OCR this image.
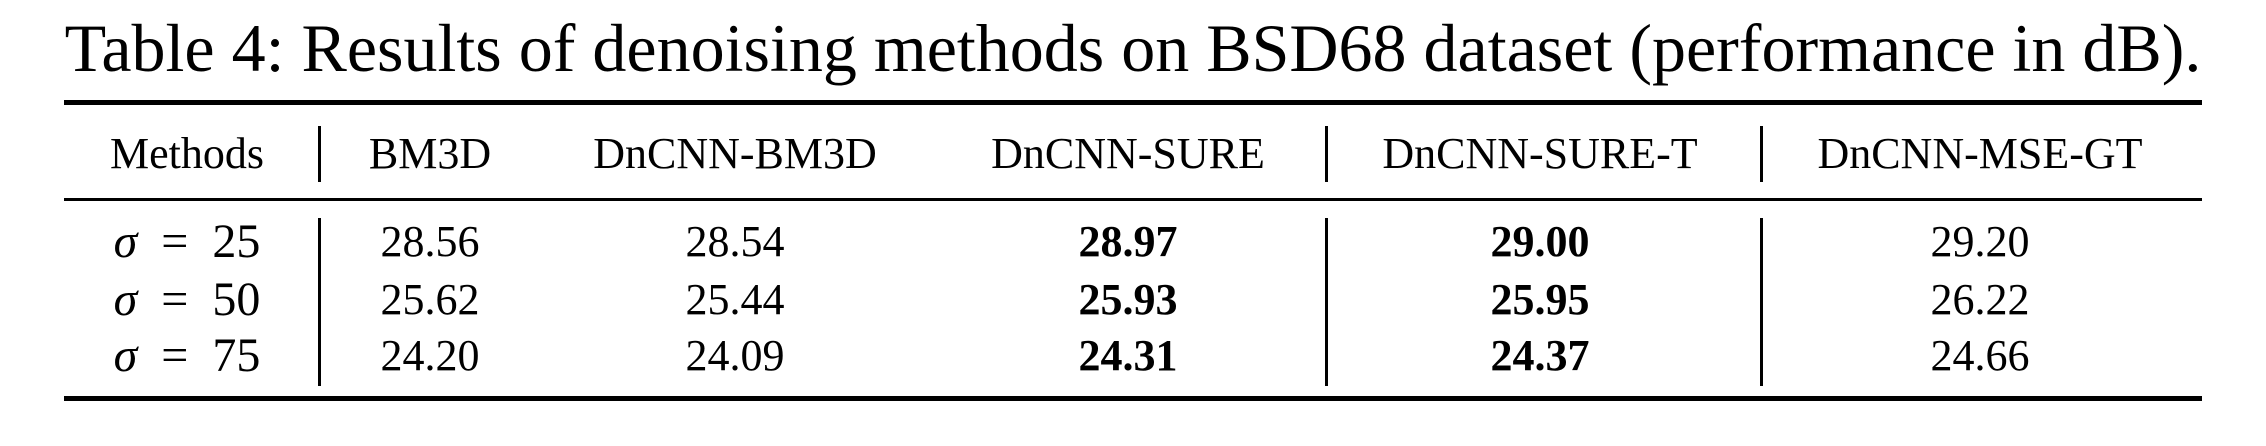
Table 4: Results of denoising methods on BSD68 dataset (performance in dB).
Methods	BM3D	DnCNN-BM3D	DnCNN-SURE	DnCNN-SURE-T	DnCNN-MSE-GT
σ = 25	28.56	28.54	28.97	29.00	29.20
σ = 50	25.62	25.44	25.93	25.95	26.22
σ = 75	24.20	24.09	24.31	24.37	24.66
